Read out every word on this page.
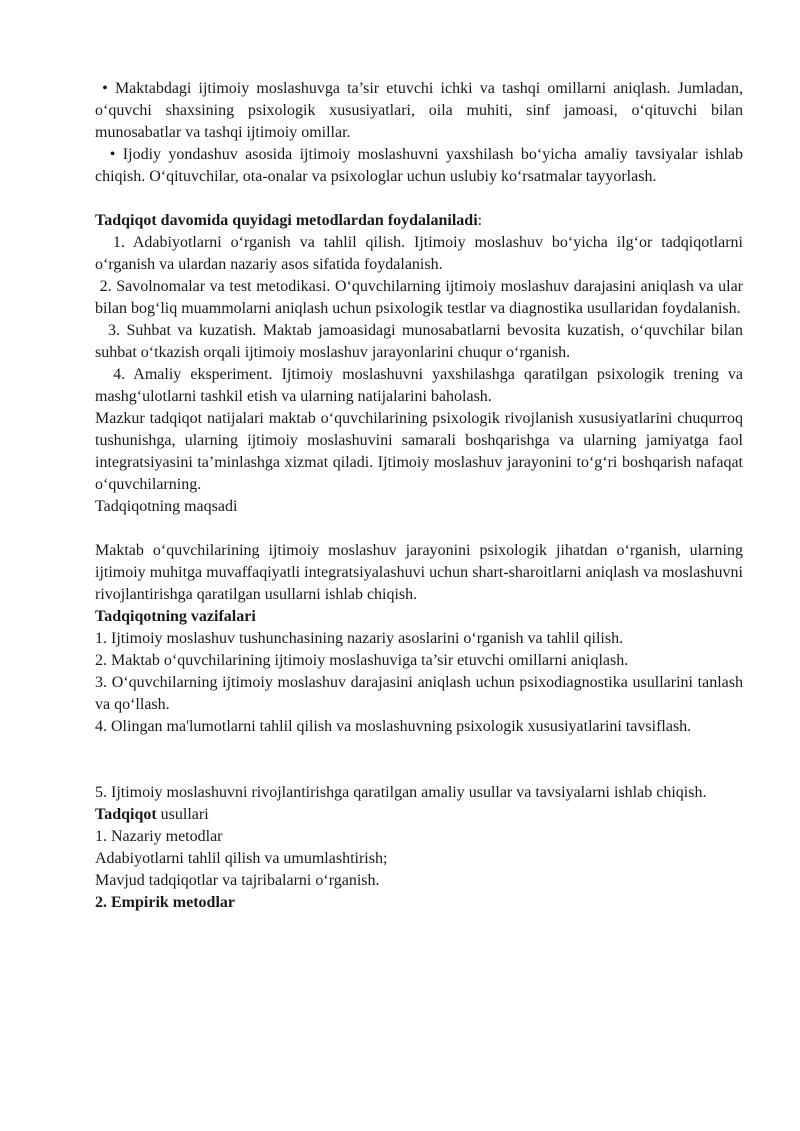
• Maktabdagi ijtimoiy moslashuvga ta’sir etuvchi ichki va tashqi omillarni aniqlash. Jumladan, o‘quvchi shaxsining psixologik xususiyatlari, oila muhiti, sinf jamoasi, o‘qituvchi bilan munosabatlar va tashqi ijtimoiy omillar.

• Ijodiy yondashuv asosida ijtimoiy moslashuvni yaxshilash bo‘yicha amaliy tavsiyalar ishlab chiqish. O‘qituvchilar, ota-onalar va psixologlar uchun uslubiy ko‘rsatmalar tayyorlash.

Tadqiqot davomida quyidagi metodlardan foydalaniladi:

1. Adabiyotlarni o‘rganish va tahlil qilish. Ijtimoiy moslashuv bo‘yicha ilg‘or tadqiqotlarni o‘rganish va ulardan nazariy asos sifatida foydalanish.

2. Savolnomalar va test metodikasi. O‘quvchilarning ijtimoiy moslashuv darajasini aniqlash va ular bilan bog‘liq muammolarni aniqlash uchun psixologik testlar va diagnostika usullaridan foydalanish.

3. Suhbat va kuzatish. Maktab jamoasidagi munosabatlarni bevosita kuzatish, o‘quvchilar bilan suhbat o‘tkazish orqali ijtimoiy moslashuv jarayonlarini chuqur o‘rganish.

4. Amaliy eksperiment. Ijtimoiy moslashuvni yaxshilashga qaratilgan psixologik trening va mashg‘ulotlarni tashkil etish va ularning natijalarini baholash.

Mazkur tadqiqot natijalari maktab o‘quvchilarining psixologik rivojlanish xususiyatlarini chuqurroq tushunishga, ularning ijtimoiy moslashuvini samarali boshqarishga va ularning jamiyatga faol integratsiyasini ta’minlashga xizmat qiladi. Ijtimoiy moslashuv jarayonini to‘g‘ri boshqarish nafaqat o‘quvchilarning.

Tadqiqotning maqsadi

Maktab o‘quvchilarining ijtimoiy moslashuv jarayonini psixologik jihatdan o‘rganish, ularning ijtimoiy muhitga muvaffaqiyatli integratsiyalashuvi uchun shart-sharoitlarni aniqlash va moslashuvni rivojlantirishga qaratilgan usullarni ishlab chiqish.

Tadqiqotning vazifalari

1. Ijtimoiy moslashuv tushunchasining nazariy asoslarini o‘rganish va tahlil qilish.

2. Maktab o‘quvchilarining ijtimoiy moslashuviga ta’sir etuvchi omillarni aniqlash.

3. O‘quvchilarning ijtimoiy moslashuv darajasini aniqlash uchun psixodiagnostika usullarini tanlash va qo‘llash.

4. Olingan ma'lumotlarni tahlil qilish va moslashuvning psixologik xususiyatlarini tavsiflash.

5. Ijtimoiy moslashuvni rivojlantirishga qaratilgan amaliy usullar va tavsiyalarni ishlab chiqish.

Tadqiqot usullari

1. Nazariy metodlar

Adabiyotlarni tahlil qilish va umumlashtirish;

Mavjud tadqiqotlar va tajribalarni o‘rganish.

2. Empirik metodlar
